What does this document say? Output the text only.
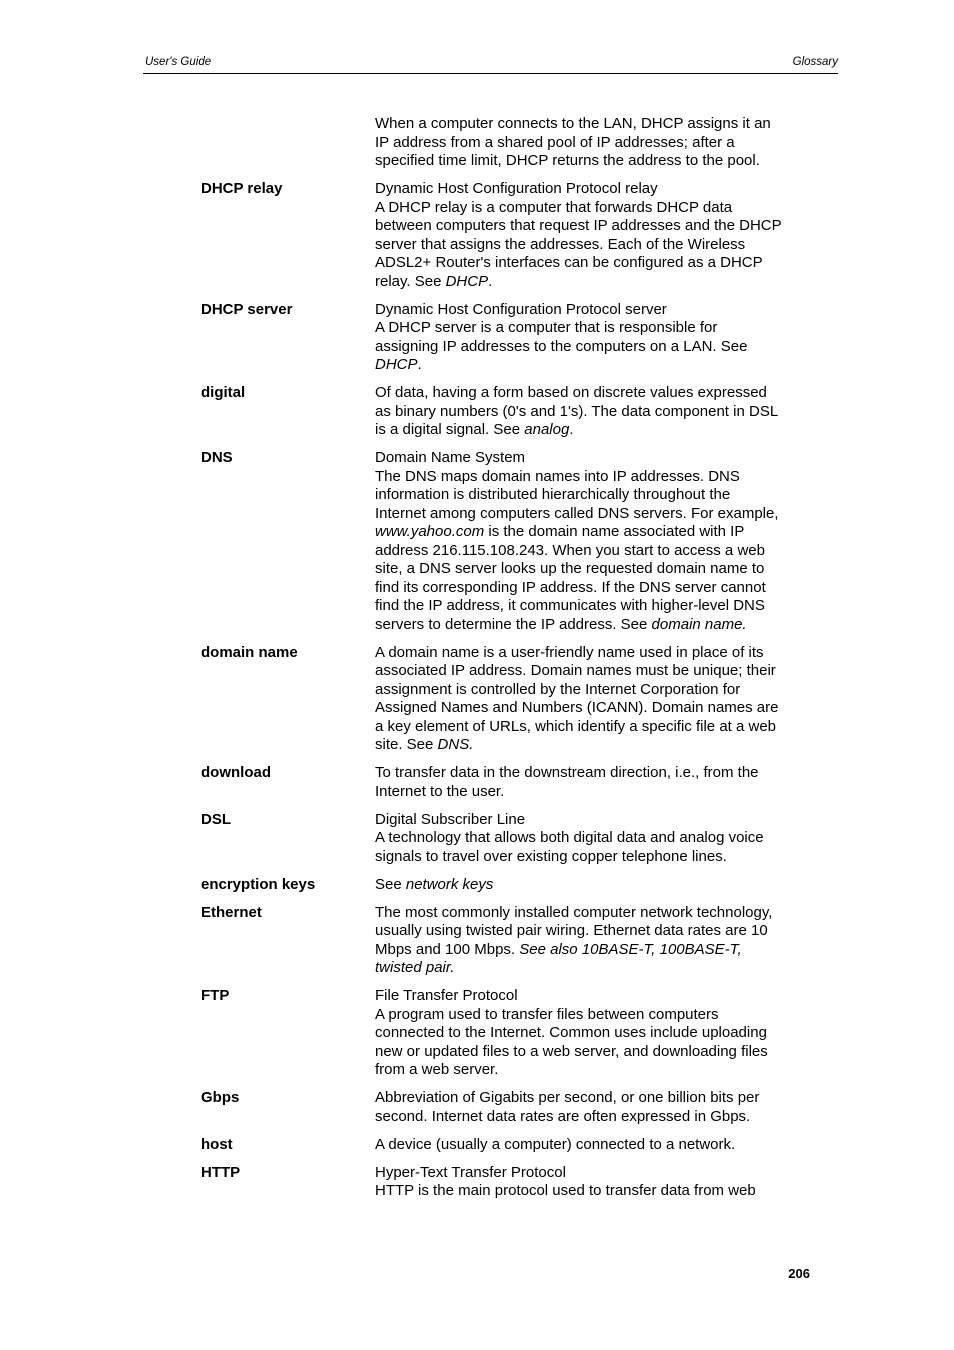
User's Guide	Glossary
When a computer connects to the LAN, DHCP assigns it an
IP address from a shared pool of IP addresses; after a
specified time limit, DHCP returns the address to the pool.
DHCP relay	Dynamic Host Configuration Protocol relay
A DHCP relay is a computer that forwards DHCP data
between computers that request IP addresses and the DHCP
server that assigns the addresses. Each of the Wireless
ADSL2+ Router's interfaces can be configured as a DHCP
relay. See DHCP.
DHCP server	Dynamic Host Configuration Protocol server
A DHCP server is a computer that is responsible for
assigning IP addresses to the computers on a LAN. See
DHCP.
digital	Of data, having a form based on discrete values expressed
as binary numbers (0's and 1's). The data component in DSL
is a digital signal. See analog.
DNS	Domain Name System
The DNS maps domain names into IP addresses. DNS
information is distributed hierarchically throughout the
Internet among computers called DNS servers. For example,
www.yahoo.com is the domain name associated with IP
address 216.115.108.243. When you start to access a web
site, a DNS server looks up the requested domain name to
find its corresponding IP address. If the DNS server cannot
find the IP address, it communicates with higher-level DNS
servers to determine the IP address. See domain name.
domain name	A domain name is a user-friendly name used in place of its
associated IP address. Domain names must be unique; their
assignment is controlled by the Internet Corporation for
Assigned Names and Numbers (ICANN). Domain names are
a key element of URLs, which identify a specific file at a web
site. See DNS.
download	To transfer data in the downstream direction, i.e., from the
Internet to the user.
DSL	Digital Subscriber Line
A technology that allows both digital data and analog voice
signals to travel over existing copper telephone lines.
encryption keys	See network keys
Ethernet	The most commonly installed computer network technology,
usually using twisted pair wiring. Ethernet data rates are 10
Mbps and 100 Mbps. See also 10BASE-T, 100BASE-T,
twisted pair.
FTP	File Transfer Protocol
A program used to transfer files between computers
connected to the Internet. Common uses include uploading
new or updated files to a web server, and downloading files
from a web server.
Gbps	Abbreviation of Gigabits per second, or one billion bits per
second. Internet data rates are often expressed in Gbps.
host	A device (usually a computer) connected to a network.
HTTP	Hyper-Text Transfer Protocol
HTTP is the main protocol used to transfer data from web
206
